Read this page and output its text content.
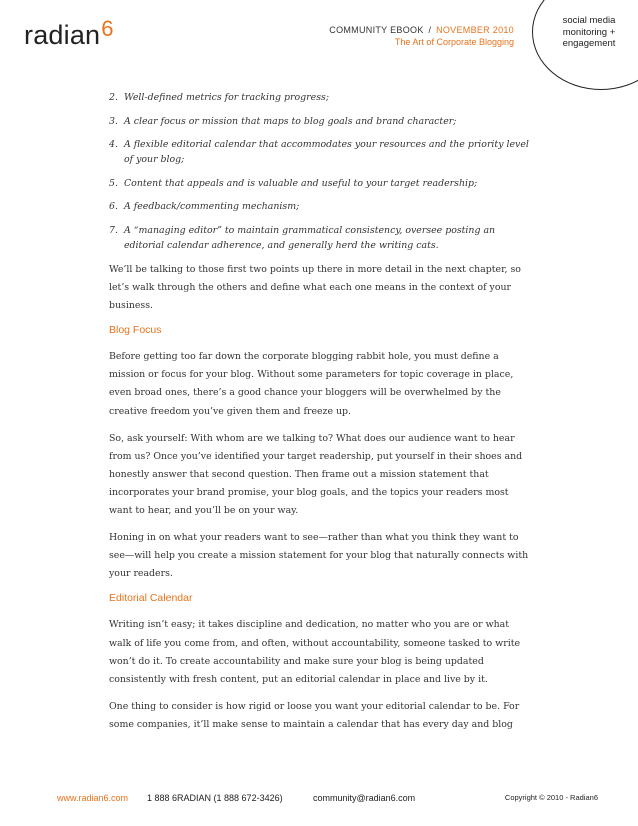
radian$^6$	COMMUNITY EBOOK / NOVEMBER 2010
The Art of Corporate Blogging
social media
monitoring +
engagement
2. Well-defined metrics for tracking progress;
3. A clear focus or mission that maps to blog goals and brand character;
4. A flexible editorial calendar that accommodates your resources and the priority level of your blog;
5. Content that appeals and is valuable and useful to your target readership;
6. A feedback/commenting mechanism;
7. A “managing editor” to maintain grammatical consistency, oversee posting an editorial calendar adherence, and generally herd the writing cats.

We’ll be talking to those first two points up there in more detail in the next chapter, so let’s walk through the others and define what each one means in the context of your business.

Blog Focus

Before getting too far down the corporate blogging rabbit hole, you must define a mission or focus for your blog. Without some parameters for topic coverage in place, even broad ones, there’s a good chance your bloggers will be overwhelmed by the creative freedom you’ve given them and freeze up.

So, ask yourself: With whom are we talking to? What does our audience want to hear from us? Once you’ve identified your target readership, put yourself in their shoes and honestly answer that second question. Then frame out a mission statement that incorporates your brand promise, your blog goals, and the topics your readers most want to hear, and you’ll be on your way.

Honing in on what your readers want to see—rather than what you think they want to see—will help you create a mission statement for your blog that naturally connects with your readers.

Editorial Calendar

Writing isn’t easy; it takes discipline and dedication, no matter who you are or what walk of life you come from, and often, without accountability, someone tasked to write won’t do it. To create accountability and make sure your blog is being updated consistently with fresh content, put an editorial calendar in place and live by it.

One thing to consider is how rigid or loose you want your editorial calendar to be. For some companies, it’ll make sense to maintain a calendar that has every day and blog

www.radian6.com 1 888 6RADIAN (1 888 672-3426)	community@radian6.com	Copyright © 2010 - Radian6
